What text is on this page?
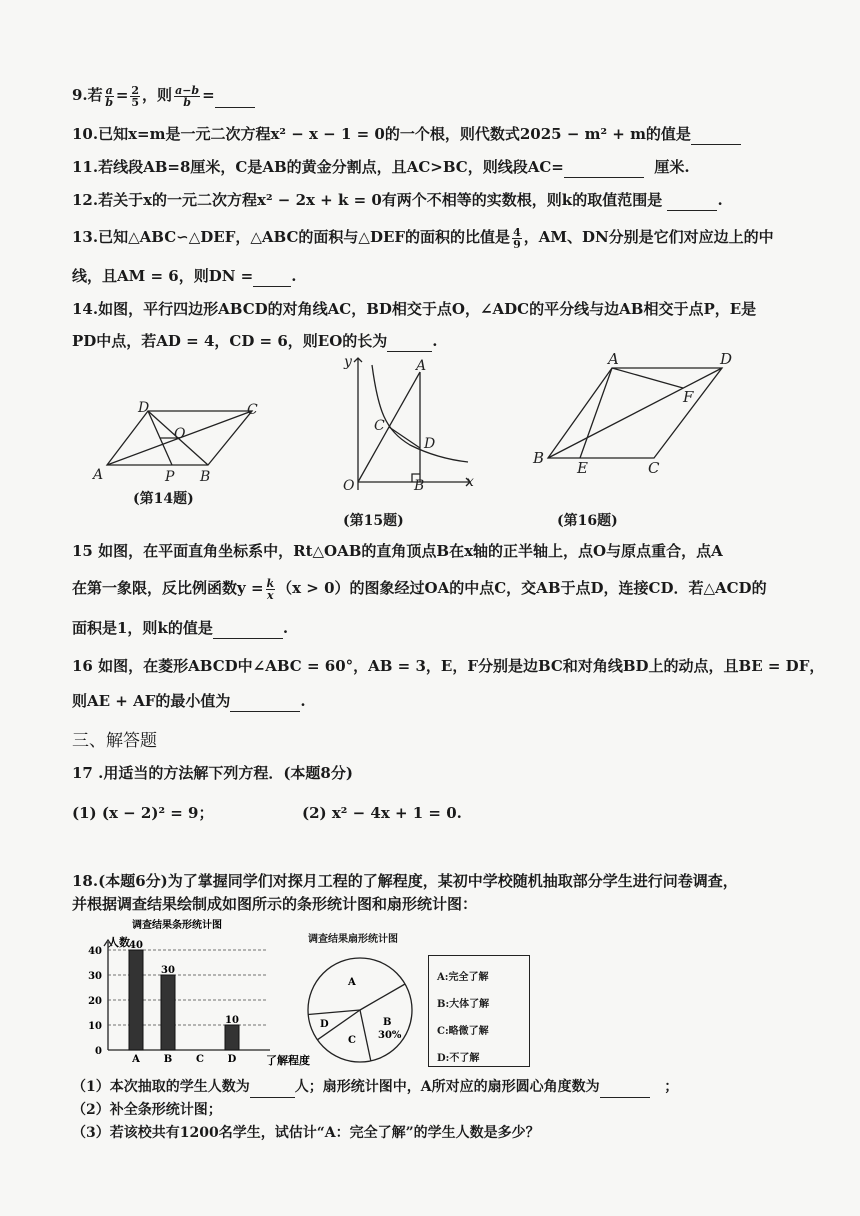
9.若 $\frac{a}{b} = \frac{2}{5}$ ，则 $\frac{a-b}{b}$ =
10.已知x=m是一元二次方程x² − x − 1 = 0的一个根，则代数式2025 − m² + m的值是
11.若线段AB=8厘米，C是AB的黄金分割点，且AC>BC，则线段AC=	厘米.
12.若关于x的一元二次方程x² − 2x + k = 0有两个不相等的实数根，则k的取值范围是	.
13.已知△ABC∽△DEF，△ABC的面积与△DEF的面积的比值是 $\frac{4}{9}$ ，AM、DN分别是它们对应边上的中
线，且AM = 6，则DN =	.
14.如图，平行四边形ABCD的对角线AC，BD相交于点O，∠ADC的平分线与边AB相交于点P，E是
PD中点，若AD = 4，CD = 6，则EO的长为	.
D	C
A	P B
O
y
x
A
C
D
O	B
A	D
F
B
E	C
(第14题)
(第15题)	(第16题)
15 如图，在平面直角坐标系中，Rt△OAB的直角顶点B在x轴的正半轴上，点O与原点重合，点A
在第一象限，反比例函数$y = \frac{k}{x} (x > 0)$的图象经过OA的中点C，交AB于点D，连接CD．若△ACD的
面积是1，则k的值是	.
16 如图，在菱形ABCD中∠ABC = 60°，AB = 3，E，F分别是边BC和对角线BD上的动点，且BE = DF，
则AE + AF的最小值为	.
三、解答题
17 .用适当的方法解下列方程．(本题8分)
(1) (x − 2)² = 9；	(2) x² − 4x + 1 = 0.
18.(本题6分)为了掌握同学们对探月工程的了解程度，某初中学校随机抽取部分学生进行问卷调查，
并根据调查结果绘制成如图所示的条形统计图和扇形统计图：
调查结果条形统计图
人数
了解程度
0
10
20
30
40
A
40
B
30
C D
10
A
B
C
D
30%
调查结果扇形统计图
A:完全了解
B:大体了解
C:略微了解
D:不了解
（1）本次抽取的学生人数为	人；扇形统计图中，A所对应的扇形圆心角度数为	；
（2）补全条形统计图；
（3）若该校共有1200名学生，试估计“A：完全了解”的学生人数是多少？
